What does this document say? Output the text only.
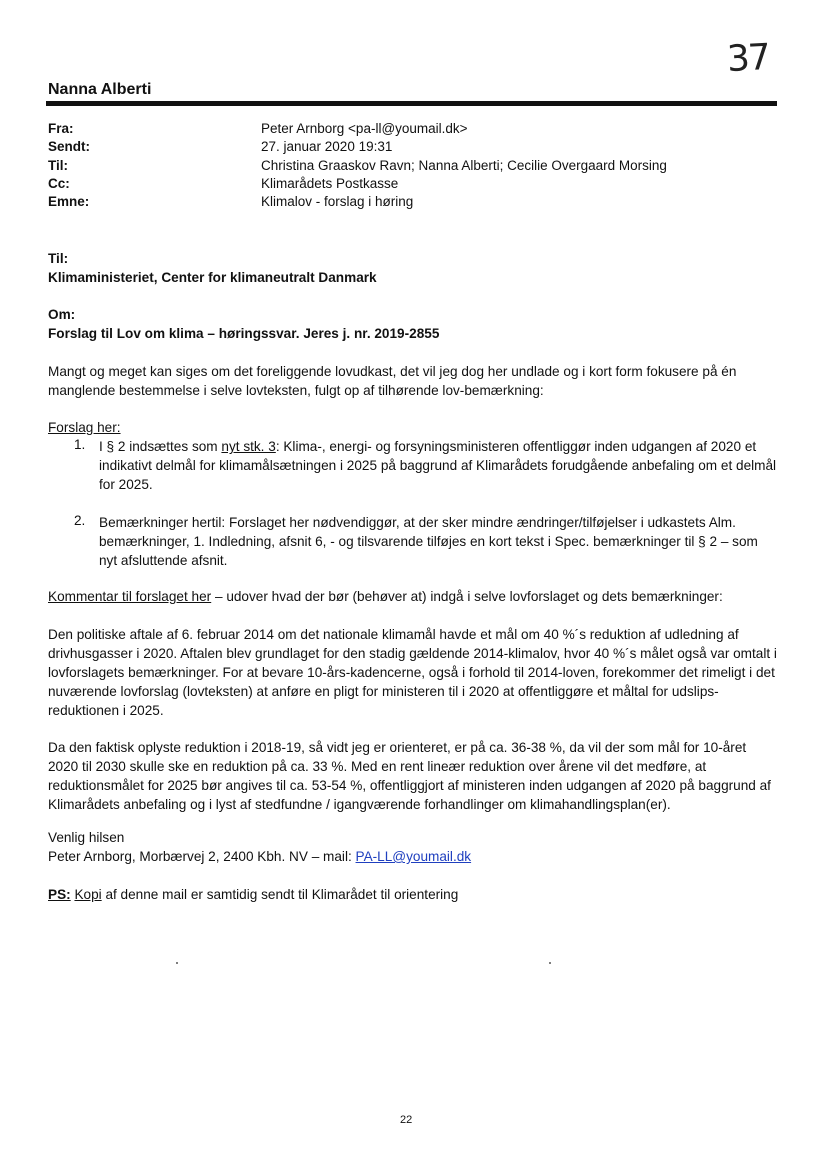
37
Nanna Alberti
Fra:	Peter Arnborg <pa-ll@youmail.dk>
Sendt:	27. januar 2020 19:31
Til:	Christina Graaskov Ravn; Nanna Alberti; Cecilie Overgaard Morsing
Cc:	Klimarådets Postkasse
Emne:	Klimalov - forslag i høring
Til:
Klimaministeriet, Center for klimaneutralt Danmark
Om:
Forslag til Lov om klima – høringssvar. Jeres j. nr. 2019-2855
Mangt og meget kan siges om det foreliggende lovudkast, det vil jeg dog her undlade og i kort form fokusere på én manglende bestemmelse i selve lovteksten, fulgt op af tilhørende lov-bemærkning:
Forslag her:
1. I § 2 indsættes som nyt stk. 3: Klima-, energi- og forsyningsministeren offentliggør inden udgangen af 2020 et indikativt delmål for klimamålsætningen i 2025 på baggrund af Klimarådets forudgående anbefaling om et delmål for 2025.
2. Bemærkninger hertil: Forslaget her nødvendiggør, at der sker mindre ændringer/tilføjelser i udkastets Alm. bemærkninger, 1. Indledning, afsnit 6, - og tilsvarende tilføjes en kort tekst i Spec. bemærkninger til § 2 – som nyt afsluttende afsnit.
Kommentar til forslaget her – udover hvad der bør (behøver at) indgå i selve lovforslaget og dets bemærkninger:
Den politiske aftale af 6. februar 2014 om det nationale klimamål havde et mål om 40 %´s reduktion af udledning af drivhusgasser i 2020. Aftalen blev grundlaget for den stadig gældende 2014-klimalov, hvor 40 %´s målet også var omtalt i lovforslagets bemærkninger. For at bevare 10-års-kadencerne, også i forhold til 2014-loven, forekommer det rimeligt i det nuværende lovforslag (lovteksten) at anføre en pligt for ministeren til i 2020 at offentliggøre et måltal for udslips-reduktionen i 2025.
Da den faktisk oplyste reduktion i 2018-19, så vidt jeg er orienteret, er på ca. 36-38 %, da vil der som mål for 10-året 2020 til 2030 skulle ske en reduktion på ca. 33 %. Med en rent lineær reduktion over årene vil det medføre, at reduktionsmålet for 2025 bør angives til ca. 53-54 %, offentliggjort af ministeren inden udgangen af 2020 på baggrund af Klimarådets anbefaling og i lyst af stedfundne / igangværende forhandlinger om klimahandlingsplan(er).
Venlig hilsen
Peter Arnborg, Morbærvej 2, 2400 Kbh. NV – mail: PA-LL@youmail.dk
PS: Kopi af denne mail er samtidig sendt til Klimarådet til orientering
22
